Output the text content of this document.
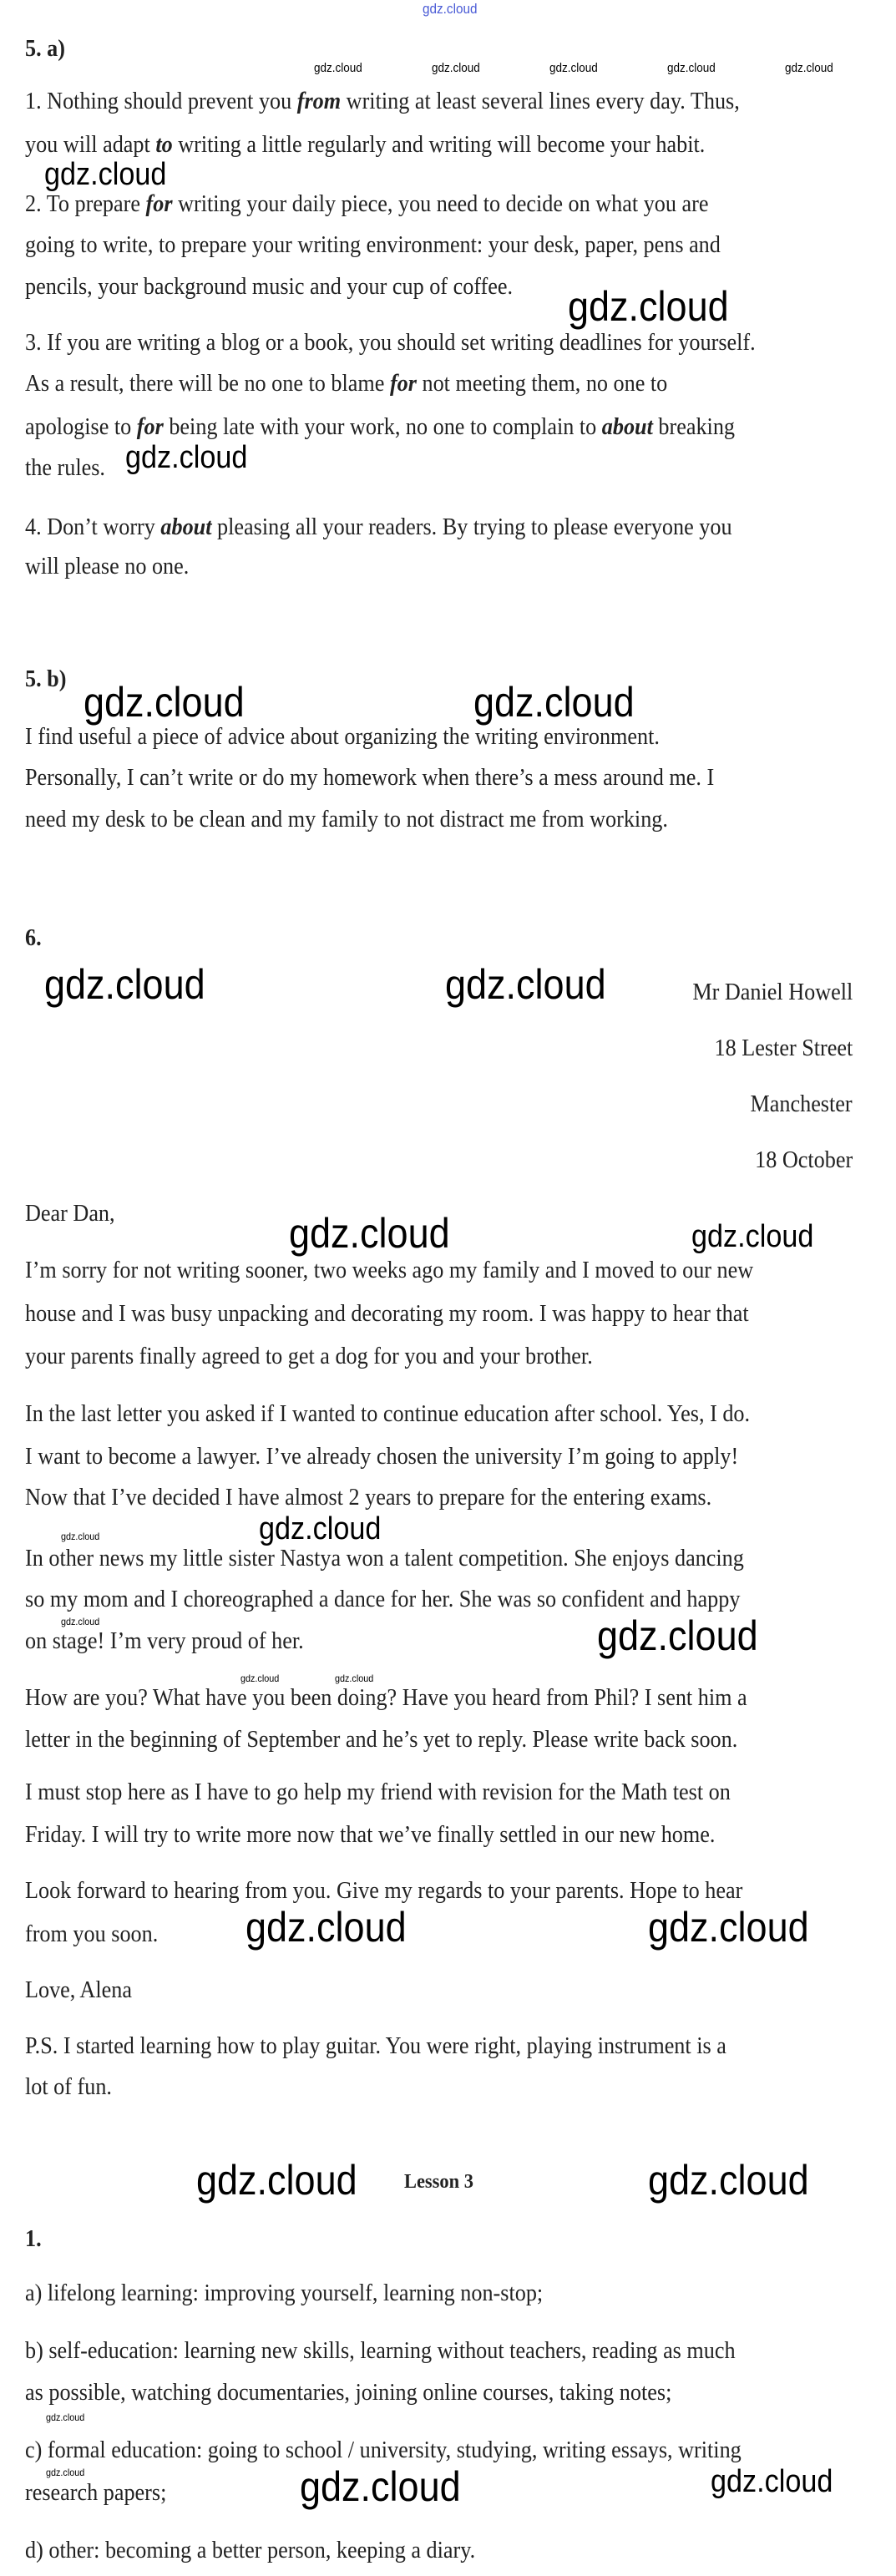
gdz.cloud
gdz.cloud	gdz.cloud	gdz.cloud	gdz.cloud	gdz.cloud
gdz.cloud
gdz.cloud
gdz.cloud
gdz.cloud	gdz.cloud
gdz.cloud	gdz.cloud
gdz.cloud	gdz.cloud
gdz.cloud
gdz.cloud
gdz.cloud
gdz.cloud
gdz.cloud	gdz.cloud
gdz.cloud	gdz.cloud
gdz.cloud	gdz.cloud
gdz.cloud
gdz.cloud	gdz.cloud	gdz.cloud
5. a)
1. Nothing should prevent you from writing at least several lines every day. Thus,
you will adapt to writing a little regularly and writing will become your habit.
2. To prepare for writing your daily piece, you need to decide on what you are
going to write, to prepare your writing environment: your desk, paper, pens and
pencils, your background music and your cup of coffee.
3. If you are writing a blog or a book, you should set writing deadlines for yourself.
As a result, there will be no one to blame for not meeting them, no one to
apologise to for being late with your work, no one to complain to about breaking
the rules.
4. Don’t worry about pleasing all your readers. By trying to please everyone you
will please no one.
5. b)
I find useful a piece of advice about organizing the writing environment.
Personally, I can’t write or do my homework when there’s a mess around me. I
need my desk to be clean and my family to not distract me from working.
6.
Mr Daniel Howell
18 Lester Street
Manchester
18 October
Dear Dan,
I’m sorry for not writing sooner, two weeks ago my family and I moved to our new
house and I was busy unpacking and decorating my room. I was happy to hear that
your parents finally agreed to get a dog for you and your brother.
In the last letter you asked if I wanted to continue education after school. Yes, I do.
I want to become a lawyer. I’ve already chosen the university I’m going to apply!
Now that I’ve decided I have almost 2 years to prepare for the entering exams.
In other news my little sister Nastya won a talent competition. She enjoys dancing
so my mom and I choreographed a dance for her. She was so confident and happy
on stage! I’m very proud of her.
How are you? What have you been doing? Have you heard from Phil? I sent him a
letter in the beginning of September and he’s yet to reply. Please write back soon.
I must stop here as I have to go help my friend with revision for the Math test on
Friday. I will try to write more now that we’ve finally settled in our new home.
Look forward to hearing from you. Give my regards to your parents. Hope to hear
from you soon.
Love, Alena
P.S. I started learning how to play guitar. You were right, playing instrument is a
lot of fun.
Lesson 3
1.
a) lifelong learning: improving yourself, learning non-stop;
b) self-education: learning new skills, learning without teachers, reading as much
as possible, watching documentaries, joining online courses, taking notes;
c) formal education: going to school / university, studying, writing essays, writing
research papers;
d) other: becoming a better person, keeping a diary.
